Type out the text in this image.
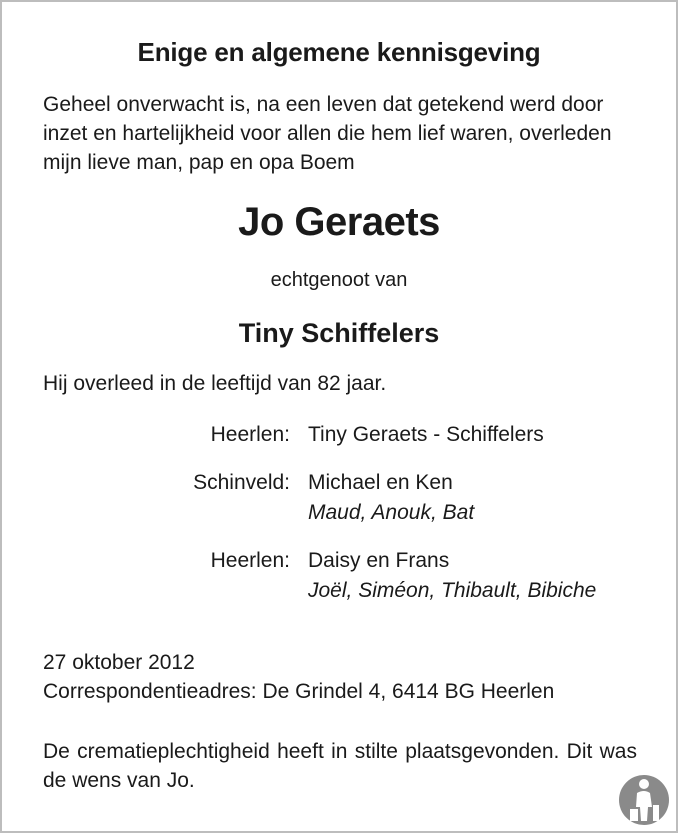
Enige en algemene kennisgeving
Geheel onverwacht is, na een leven dat getekend werd door inzet en hartelijkheid voor allen die hem lief waren, overleden mijn lieve man, pap en opa Boem
Jo Geraets
echtgenoot van
Tiny Schiffelers
Hij overleed in de leeftijd van 82 jaar.
Heerlen: Tiny Geraets - Schiffelers
Schinveld: Michael en Ken
Maud, Anouk, Bat
Heerlen: Daisy en Frans
Joël, Siméon, Thibault, Bibiche
27 oktober 2012
Correspondentieadres: De Grindel 4, 6414 BG Heerlen
De crematieplechtigheid heeft in stilte plaatsgevonden. Dit was de wens van Jo.
